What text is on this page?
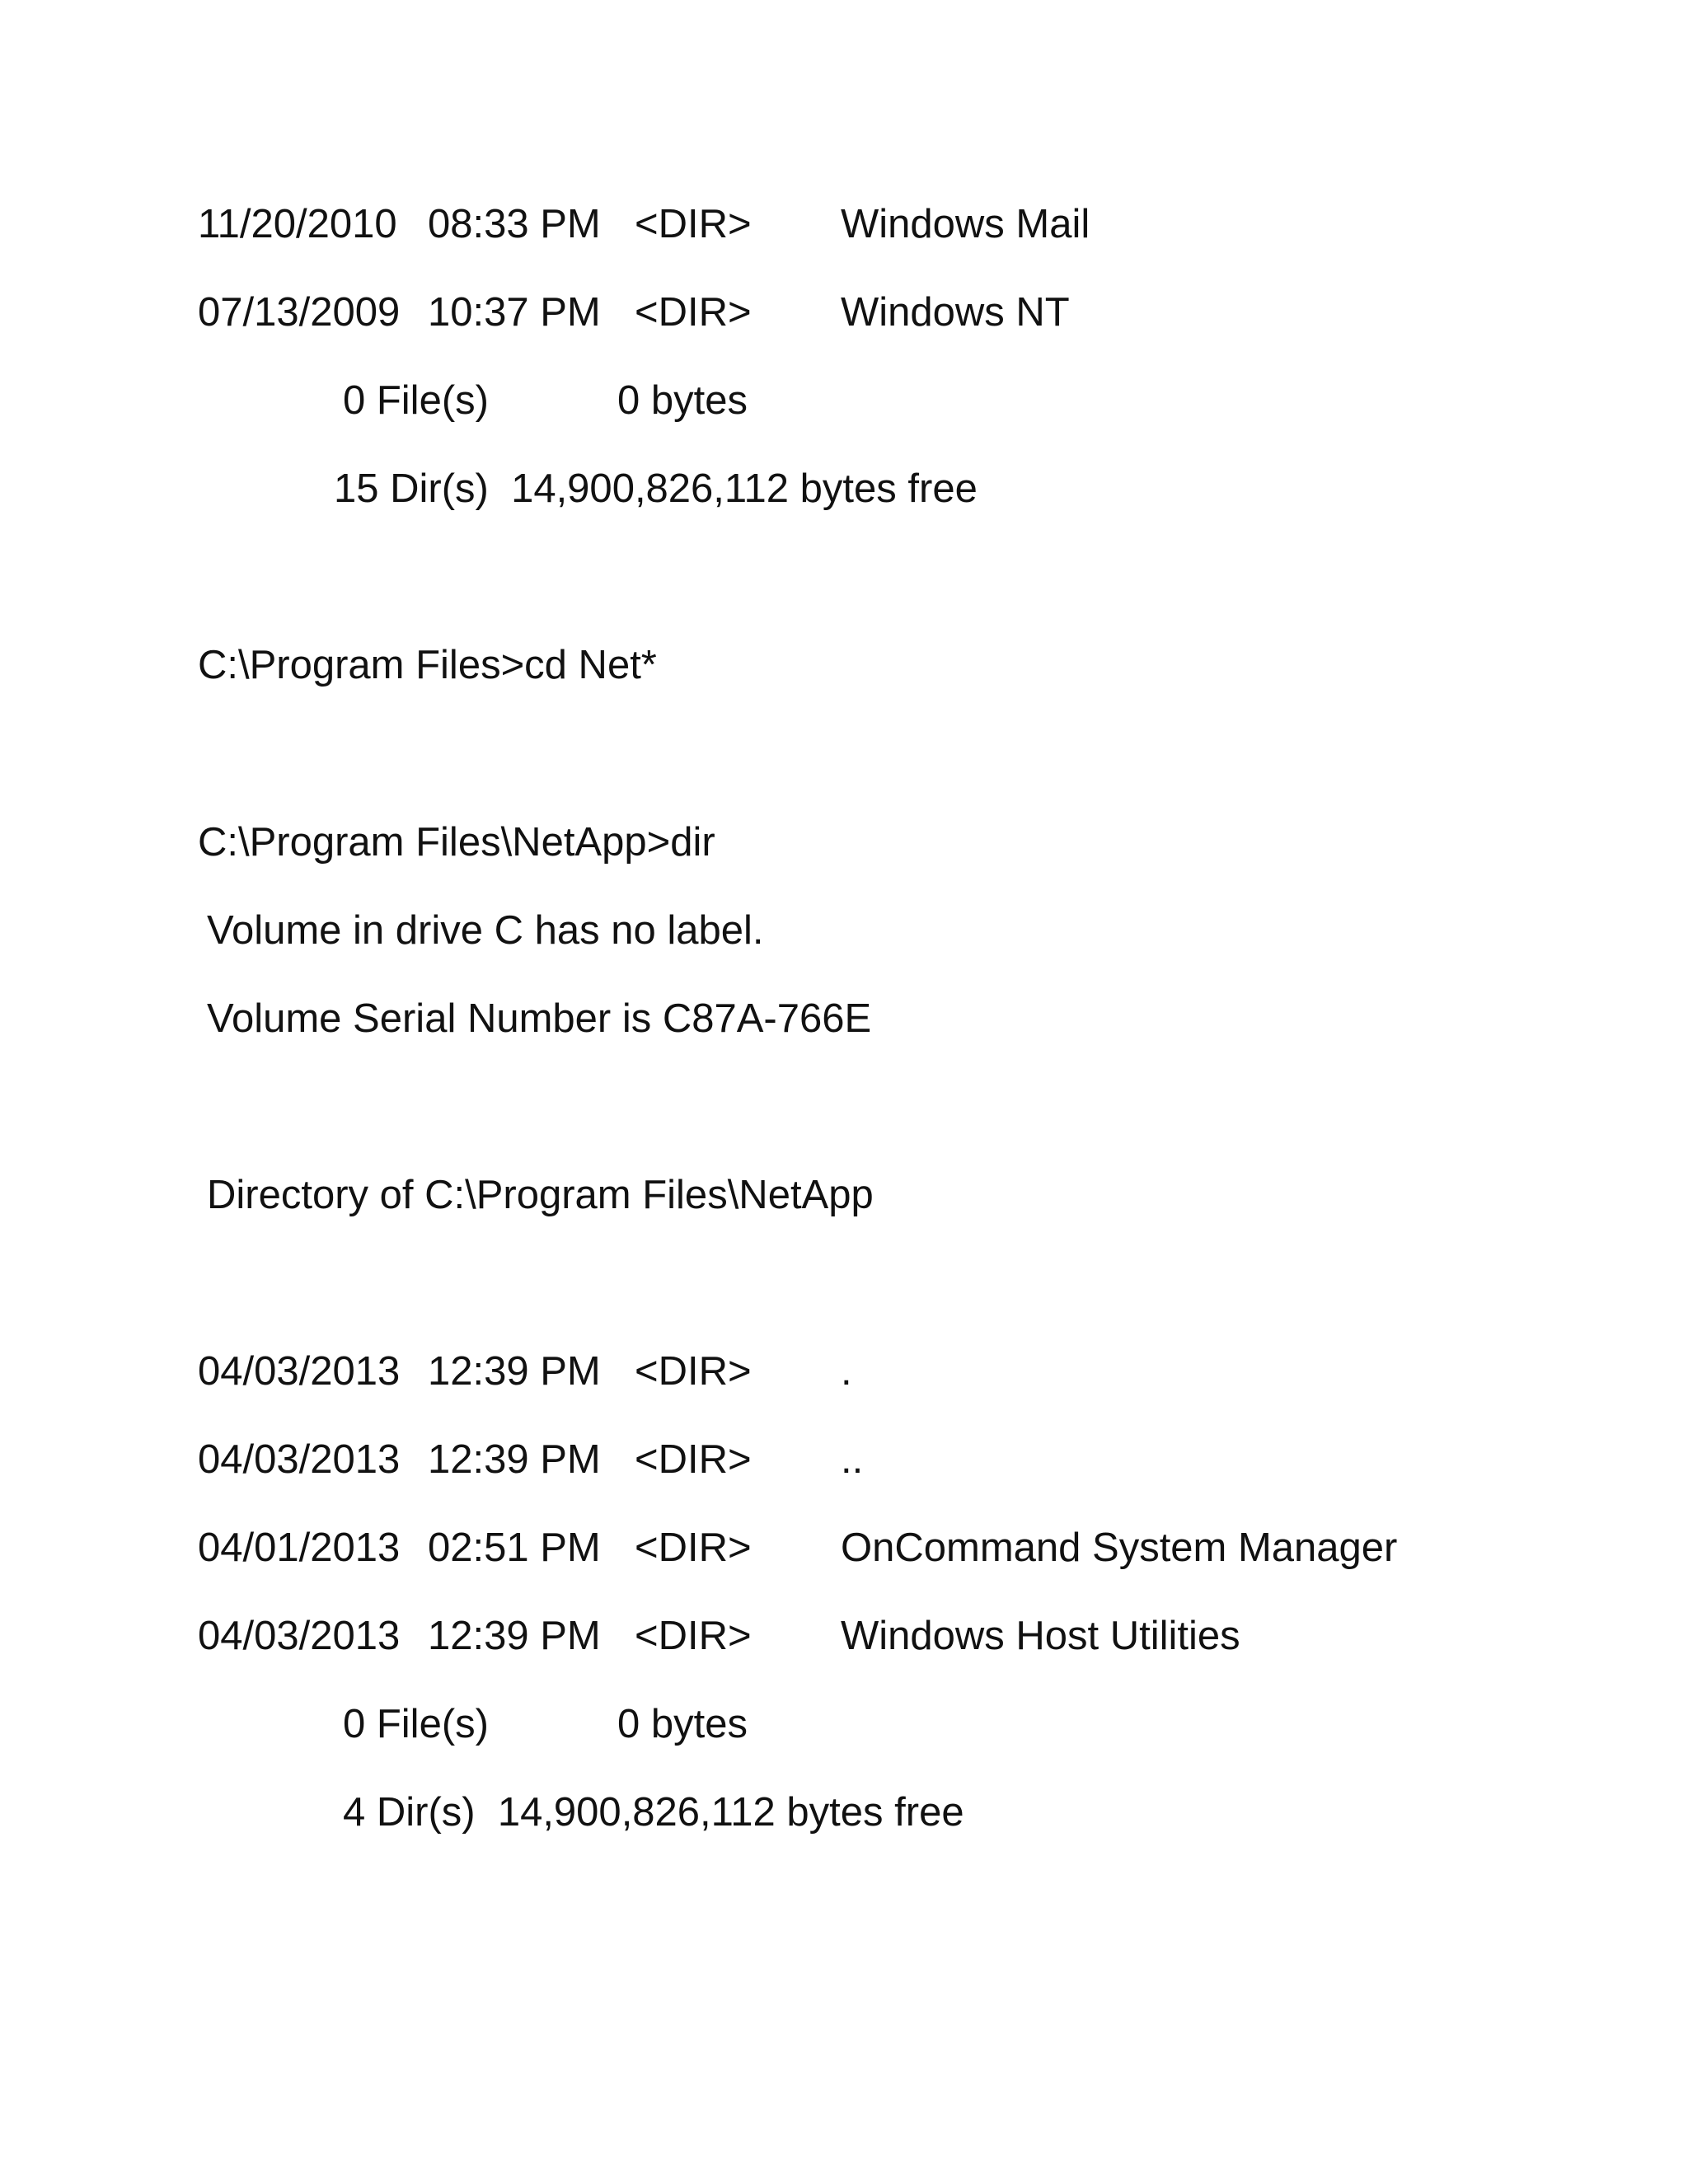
11/20/2010 08:33 PM <DIR> Windows Mail
07/13/2009 10:37 PM <DIR> Windows NT
0 File(s)	0 bytes
15 Dir(s)  14,900,826,112 bytes free
C:\Program Files>cd Net*
C:\Program Files\NetApp>dir
Volume in drive C has no label.
Volume Serial Number is C87A-766E
Directory of C:\Program Files\NetApp
04/03/2013 12:39 PM <DIR> .
04/03/2013 12:39 PM <DIR> ..
04/01/2013 02:51 PM <DIR> OnCommand System Manager
04/03/2013 12:39 PM <DIR> Windows Host Utilities
0 File(s)	0 bytes
4 Dir(s)  14,900,826,112 bytes free
